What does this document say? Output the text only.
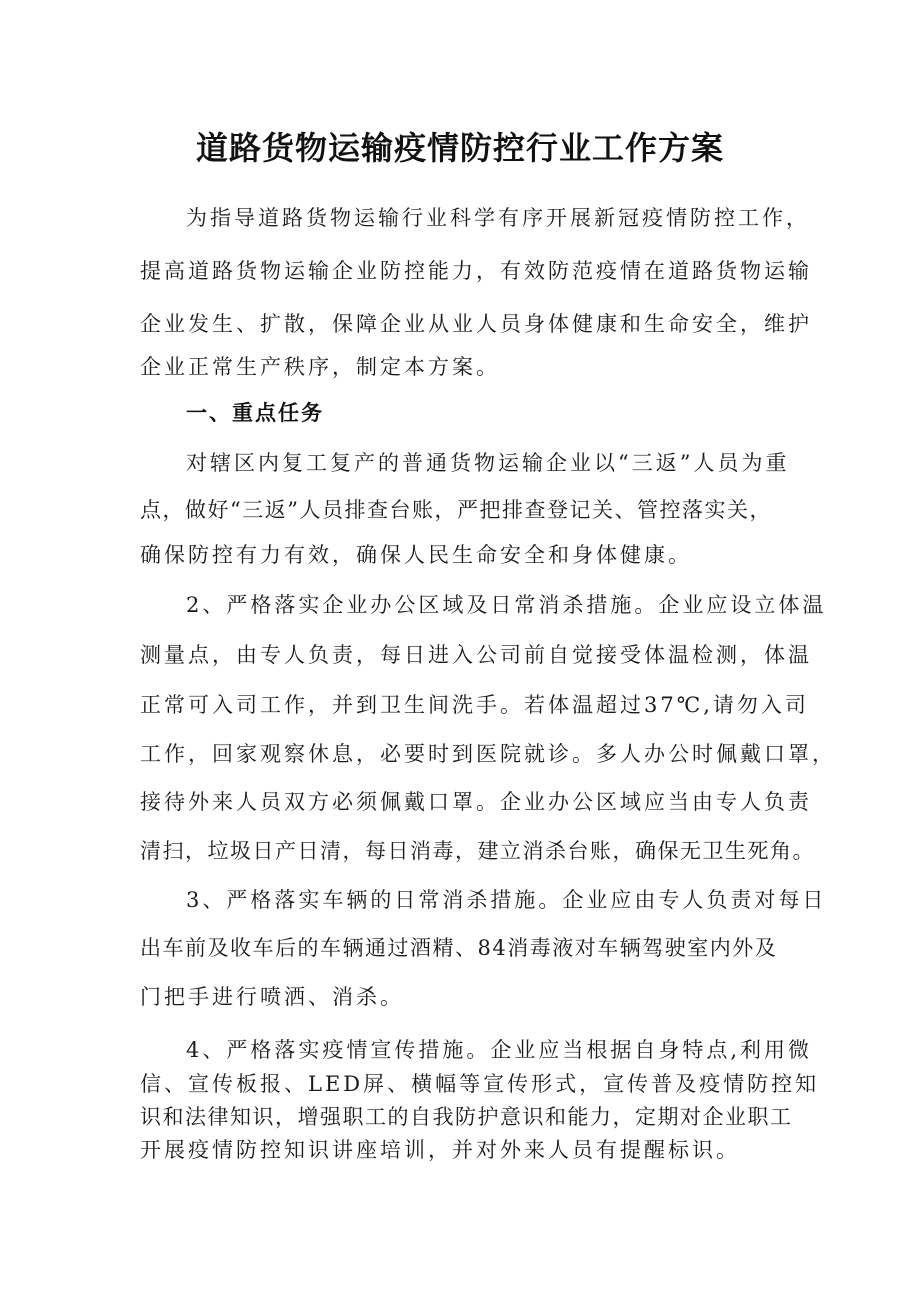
道路货物运输疫情防控行业工作方案
为指导道路货物运输行业科学有序开展新冠疫情防控工作，
提高道路货物运输企业防控能力，有效防范疫情在道路货物运输
企业发生、扩散，保障企业从业人员身体健康和生命安全，维护
企业正常生产秩序，制定本方案。
一、重点任务
对辖区内复工复产的普通货物运输企业以“三返”人员为重
点，做好“三返”人员排查台账，严把排查登记关、管控落实关，
确保防控有力有效，确保人民生命安全和身体健康。
2、严格落实企业办公区域及日常消杀措施。企业应设立体温
测量点，由专人负责，每日进入公司前自觉接受体温检测，体温
正常可入司工作，并到卫生间洗手。若体温超过37℃,请勿入司
工作，回家观察休息，必要时到医院就诊。多人办公时佩戴口罩，
接待外来人员双方必须佩戴口罩。企业办公区域应当由专人负责
清扫，垃圾日产日清，每日消毒，建立消杀台账，确保无卫生死角。
3、严格落实车辆的日常消杀措施。企业应由专人负责对每日
出车前及收车后的车辆通过酒精、84消毒液对车辆驾驶室内外及
门把手进行喷洒、消杀。
4、严格落实疫情宣传措施。企业应当根据自身特点,利用微
信、宣传板报、LED屏、横幅等宣传形式，宣传普及疫情防控知
识和法律知识，增强职工的自我防护意识和能力，定期对企业职工
开展疫情防控知识讲座培训，并对外来人员有提醒标识。
